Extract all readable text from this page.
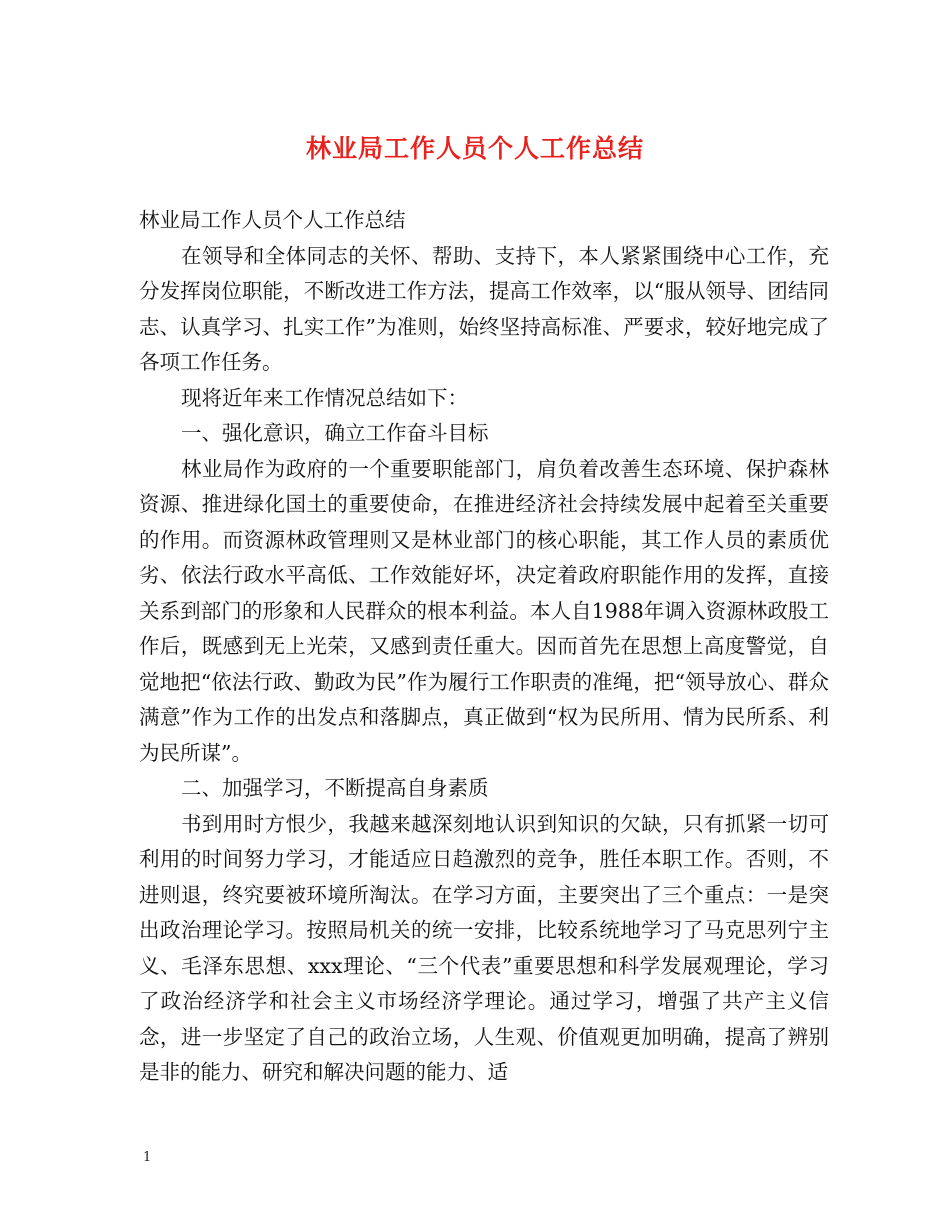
林业局工作人员个人工作总结

林业局工作人员个人工作总结

在领导和全体同志的关怀、帮助、支持下，本人紧紧围绕中心工作，充分发挥岗位职能，不断改进工作方法，提高工作效率，以“服从领导、团结同志、认真学习、扎实工作”为准则，始终坚持高标准、严要求，较好地完成了各项工作任务。

现将近年来工作情况总结如下：

一、强化意识，确立工作奋斗目标

林业局作为政府的一个重要职能部门，肩负着改善生态环境、保护森林资源、推进绿化国土的重要使命，在推进经济社会持续发展中起着至关重要的作用。而资源林政管理则又是林业部门的核心职能，其工作人员的素质优劣、依法行政水平高低、工作效能好坏，决定着政府职能作用的发挥，直接关系到部门的形象和人民群众的根本利益。本人自1988年调入资源林政股工作后，既感到无上光荣，又感到责任重大。因而首先在思想上高度警觉，自觉地把“依法行政、勤政为民”作为履行工作职责的准绳，把“领导放心、群众满意”作为工作的出发点和落脚点，真正做到“权为民所用、情为民所系、利为民所谋”。

二、加强学习，不断提高自身素质

书到用时方恨少，我越来越深刻地认识到知识的欠缺，只有抓紧一切可利用的时间努力学习，才能适应日趋激烈的竞争，胜任本职工作。否则，不进则退，终究要被环境所淘汰。在学习方面，主要突出了三个重点：一是突出政治理论学习。按照局机关的统一安排，比较系统地学习了马克思列宁主义、毛泽东思想、xxx理论、“三个代表”重要思想和科学发展观理论，学习了政治经济学和社会主义市场经济学理论。通过学习，增强了共产主义信念，进一步坚定了自己的政治立场，人生观、价值观更加明确，提高了辨别是非的能力、研究和解决问题的能力、适

1
